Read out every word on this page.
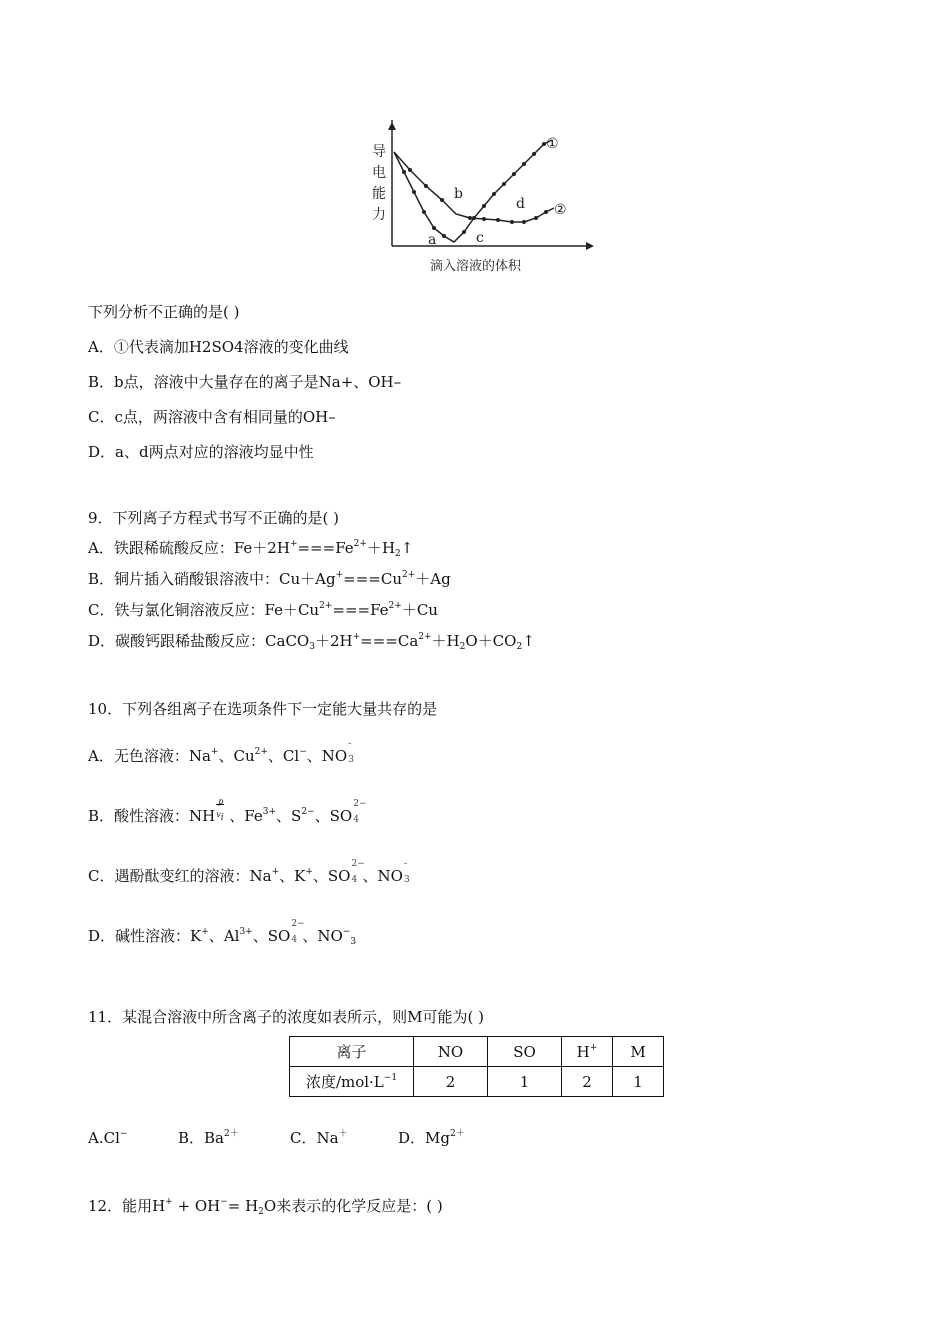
导
电
能
力
滴入溶液的体积
a
b
c
d
①
②
下列分析不正确的是( )
A．①代表滴加H2SO4溶液的变化曲线
B．b点，溶液中大量存在的离子是Na+、OH–
C．c点，两溶液中含有相同量的OH–
D．a、d两点对应的溶液均显中性
9．下列离子方程式书写不正确的是( )
A．铁跟稀硫酸反应：$Fe+2H^+===Fe^{2+}+H_2↑$
B．铜片插入硝酸银溶液中：$Cu+Ag^+===Cu^{2+}+Ag$
C．铁与氯化铜溶液反应：$Fe+Cu^{2+}===Fe^{2+}+Cu$
D．碳酸钙跟稀盐酸反应：$CaCO_3+2H^+===Ca^{2+}+H_2O+CO_2↑$
10．下列各组离子在选项条件下一定能大量共存的是
A．无色溶液：Na+、$Cu^{2+}$、Cl−、NO
-
3
B．酸性溶液：NH
p
$v_i$ 、$Fe^{3+}$、$S^{2-}$、SO
2−
4
C．遇酚酞变红的溶液：Na+、K+、SO
2−
4 、NO
-
3
D．碱性溶液：K+、$Al^{3+}$、SO
2−
4 、$NO^-_3$
11．某混合溶液中所含离子的浓度如表所示，则M可能为( )
离子	NO	SO	H+	M
浓度$/mol\cdot L^{-1}$	2	1	2	1
A.Cl−	B．$Ba^{2+}$	C．Na＋	D．$Mg^{2+}$
12．能用$H^+ + OH^-= H_2O$来表示的化学反应是：( )
